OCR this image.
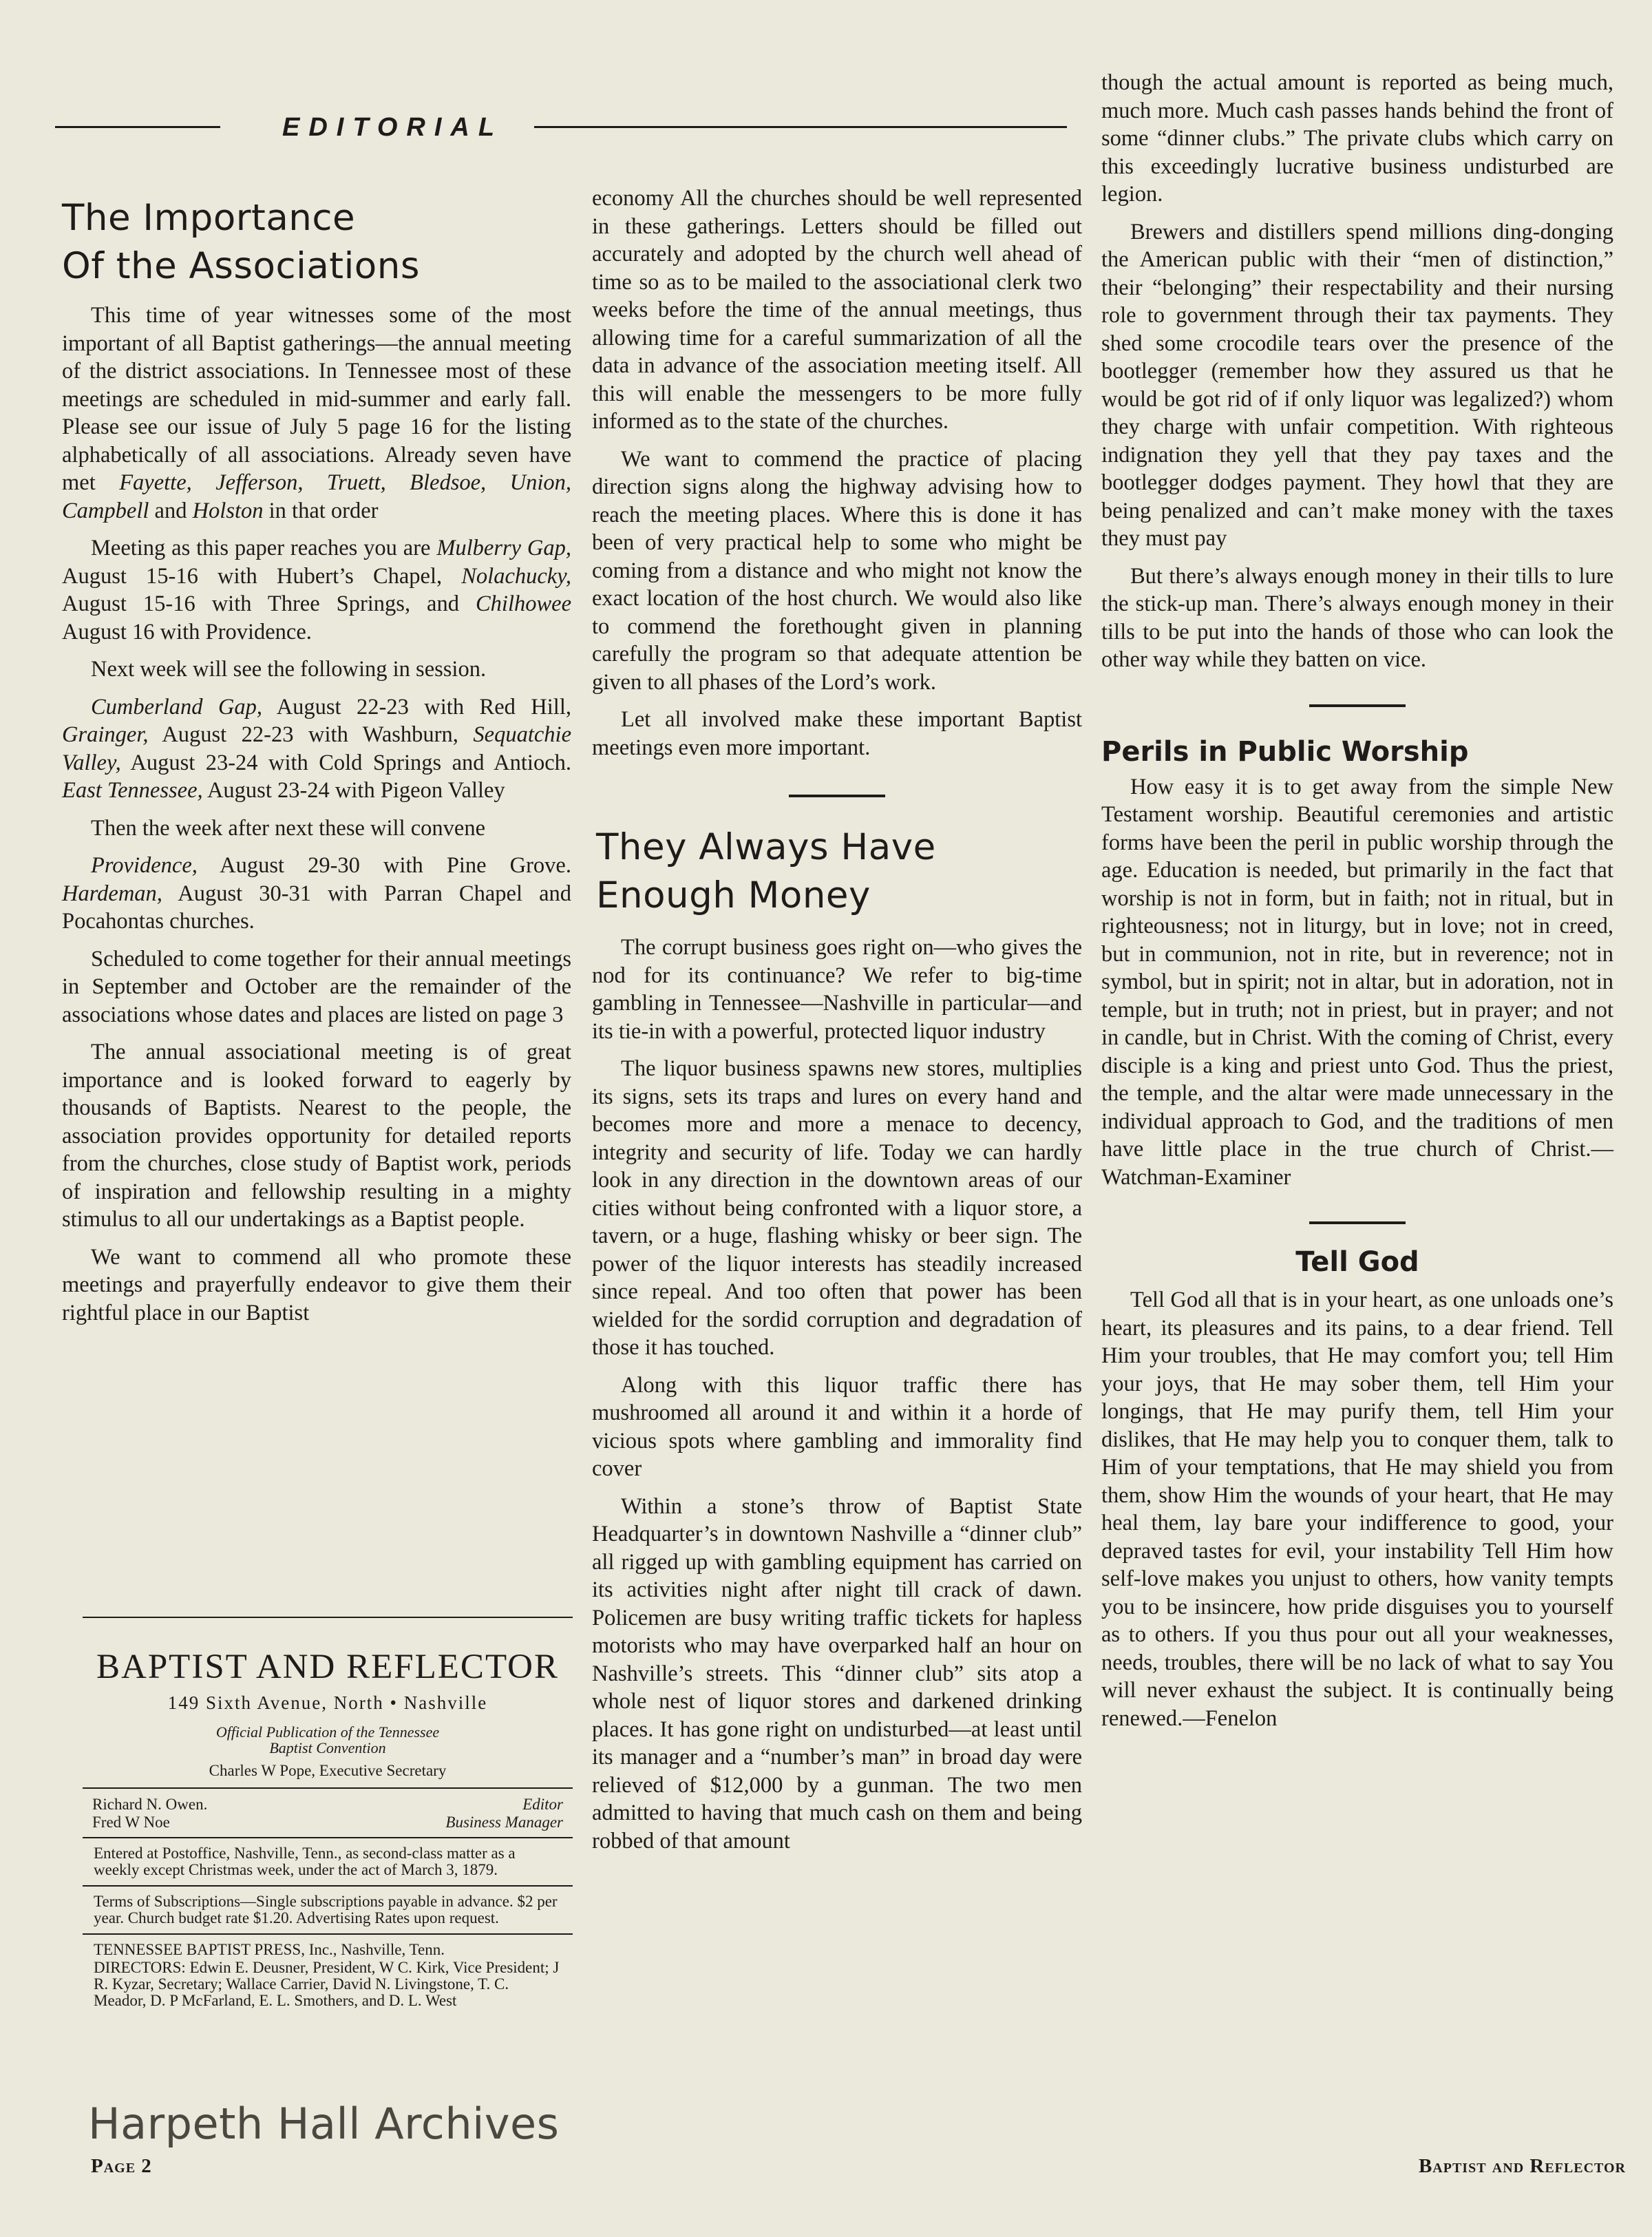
EDITORIAL
The Importance
Of the Associations

This time of year witnesses some of the most important of all Baptist gatherings—the annual meeting of the district associations. In Tennessee most of these meetings are scheduled in mid-summer and early fall. Please see our issue of July 5 page 16 for the listing alphabetically of all associations. Already seven have met Fayette, Jefferson, Truett, Bledsoe, Union, Campbell and Holston in that order

Meeting as this paper reaches you are Mulberry Gap, August 15-16 with Hubert’s Chapel, Nolachucky, August 15-16 with Three Springs, and Chilhowee August 16 with Providence.

Next week will see the following in session.

Cumberland Gap, August 22-23 with Red Hill, Grainger, August 22-23 with Washburn, Sequatchie Valley, August 23-24 with Cold Springs and Antioch. East Tennessee, August 23-24 with Pigeon Valley

Then the week after next these will convene

Providence, August 29-30 with Pine Grove. Hardeman, August 30-31 with Parran Chapel and Pocahontas churches.

Scheduled to come together for their annual meetings in September and October are the remainder of the associations whose dates and places are listed on page 3

The annual associational meeting is of great importance and is looked forward to eagerly by thousands of Baptists. Nearest to the people, the association provides opportunity for detailed reports from the churches, close study of Baptist work, periods of inspiration and fellowship resulting in a mighty stimulus to all our undertakings as a Baptist people.

We want to commend all who promote these meetings and prayerfully endeavor to give them their rightful place in our Baptist

BAPTIST AND REFLECTOR
149 Sixth Avenue, North • Nashville
Official Publication of the Tennessee
Baptist Convention
Charles W Pope, Executive Secretary
Richard N. Owen.	Editor
Fred W Noe	Business Manager
Entered at Postoffice, Nashville, Tenn., as second-class matter as a weekly except Christmas week, under the act of March 3, 1879.
Terms of Subscriptions—Single subscriptions payable in advance. $2 per year. Church budget rate $1.20. Advertising Rates upon request.
TENNESSEE BAPTIST PRESS, Inc., Nashville, Tenn.
DIRECTORS: Edwin E. Deusner, President, W C. Kirk, Vice President; J R. Kyzar, Secretary; Wallace Carrier, David N. Livingstone, T. C. Meador, D. P McFarland, E. L. Smothers, and D. L. West

economy All the churches should be well represented in these gatherings. Letters should be filled out accurately and adopted by the church well ahead of time so as to be mailed to the associational clerk two weeks before the time of the annual meetings, thus allowing time for a careful summarization of all the data in advance of the association meeting itself. All this will enable the messengers to be more fully informed as to the state of the churches.

We want to commend the practice of placing direction signs along the highway advising how to reach the meeting places. Where this is done it has been of very practical help to some who might be coming from a distance and who might not know the exact location of the host church. We would also like to commend the forethought given in planning carefully the program so that adequate attention be given to all phases of the Lord’s work.

Let all involved make these important Baptist meetings even more important.

They Always Have
Enough Money

The corrupt business goes right on—who gives the nod for its continuance? We refer to big-time gambling in Tennessee—Nashville in particular—and its tie-in with a powerful, protected liquor industry

The liquor business spawns new stores, multiplies its signs, sets its traps and lures on every hand and becomes more and more a menace to decency, integrity and security of life. Today we can hardly look in any direction in the downtown areas of our cities without being confronted with a liquor store, a tavern, or a huge, flashing whisky or beer sign. The power of the liquor interests has steadily increased since repeal. And too often that power has been wielded for the sordid corruption and degradation of those it has touched.

Along with this liquor traffic there has mushroomed all around it and within it a horde of vicious spots where gambling and immorality find cover

Within a stone’s throw of Baptist State Headquarter’s in downtown Nashville a “dinner club” all rigged up with gambling equipment has carried on its activities night after night till crack of dawn. Policemen are busy writing traffic tickets for hapless motorists who may have overparked half an hour on Nashville’s streets. This “dinner club” sits atop a whole nest of liquor stores and darkened drinking places. It has gone right on undisturbed—at least until its manager and a “number’s man” in broad day were relieved of $12,000 by a gunman. The two men admitted to having that much cash on them and being robbed of that amount

though the actual amount is reported as being much, much more. Much cash passes hands behind the front of some “dinner clubs.” The private clubs which carry on this exceedingly lucrative business undisturbed are legion.

Brewers and distillers spend millions ding-donging the American public with their “men of distinction,” their “belonging” their respectability and their nursing role to government through their tax payments. They shed some crocodile tears over the presence of the bootlegger (remember how they assured us that he would be got rid of if only liquor was legalized?) whom they charge with unfair competition. With righteous indignation they yell that they pay taxes and the bootlegger dodges payment. They howl that they are being penalized and can’t make money with the taxes they must pay

But there’s always enough money in their tills to lure the stick-up man. There’s always enough money in their tills to be put into the hands of those who can look the other way while they batten on vice.

Perils in Public Worship

How easy it is to get away from the simple New Testament worship. Beautiful ceremonies and artistic forms have been the peril in public worship through the age. Education is needed, but primarily in the fact that worship is not in form, but in faith; not in ritual, but in righteousness; not in liturgy, but in love; not in creed, but in communion, not in rite, but in reverence; not in symbol, but in spirit; not in altar, but in adoration, not in temple, but in truth; not in priest, but in prayer; and not in candle, but in Christ. With the coming of Christ, every disciple is a king and priest unto God. Thus the priest, the temple, and the altar were made unnecessary in the individual approach to God, and the traditions of men have little place in the true church of Christ.—Watchman-Examiner

Tell God

Tell God all that is in your heart, as one unloads one’s heart, its pleasures and its pains, to a dear friend. Tell Him your troubles, that He may comfort you; tell Him your joys, that He may sober them, tell Him your longings, that He may purify them, tell Him your dislikes, that He may help you to conquer them, talk to Him of your temptations, that He may shield you from them, show Him the wounds of your heart, that He may heal them, lay bare your indifference to good, your depraved tastes for evil, your instability Tell Him how self-love makes you unjust to others, how vanity tempts you to be insincere, how pride disguises you to yourself as to others. If you thus pour out all your weaknesses, needs, troubles, there will be no lack of what to say You will never exhaust the subject. It is continually being renewed.—Fenelon

Harpeth Hall Archives
Page 2	Baptist and Reflector
